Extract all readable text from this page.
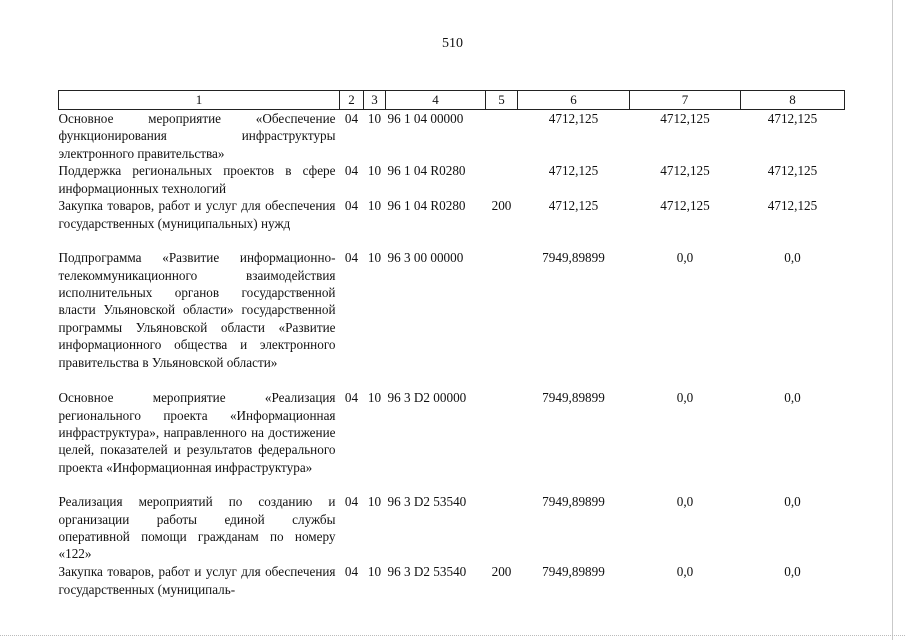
510
1	2	3	4	5	6	7	8
Основное мероприятие «Обеспечение функционирования инфраструктуры электронного правительства»	04	10	96 1 04 00000		4712,125	4712,125	4712,125
Поддержка региональных проектов в сфере информационных технологий	04	10	96 1 04 R0280		4712,125	4712,125	4712,125
Закупка товаров, работ и услуг для обеспечения государственных (муниципальных) нужд	04	10	96 1 04 R0280	200	4712,125	4712,125	4712,125
Подпрограмма «Развитие информационно-телекоммуникационного взаимодействия исполнительных органов государственной власти Ульяновской области» государственной программы Ульяновской области «Развитие информационного общества и электронного правительства в Ульяновской области»	04	10	96 3 00 00000		7949,89899	0,0	0,0
Основное мероприятие «Реализация регионального проекта «Информационная инфраструктура», направленного на достижение целей, показателей и результатов федерального проекта «Информационная инфраструктура»	04	10	96 3 D2 00000		7949,89899	0,0	0,0
Реализация мероприятий по созданию и организации работы единой службы оперативной помощи гражданам по номеру «122»	04	10	96 3 D2 53540		7949,89899	0,0	0,0
Закупка товаров, работ и услуг для обеспечения государственных (муниципаль-	04	10	96 3 D2 53540	200	7949,89899	0,0	0,0
